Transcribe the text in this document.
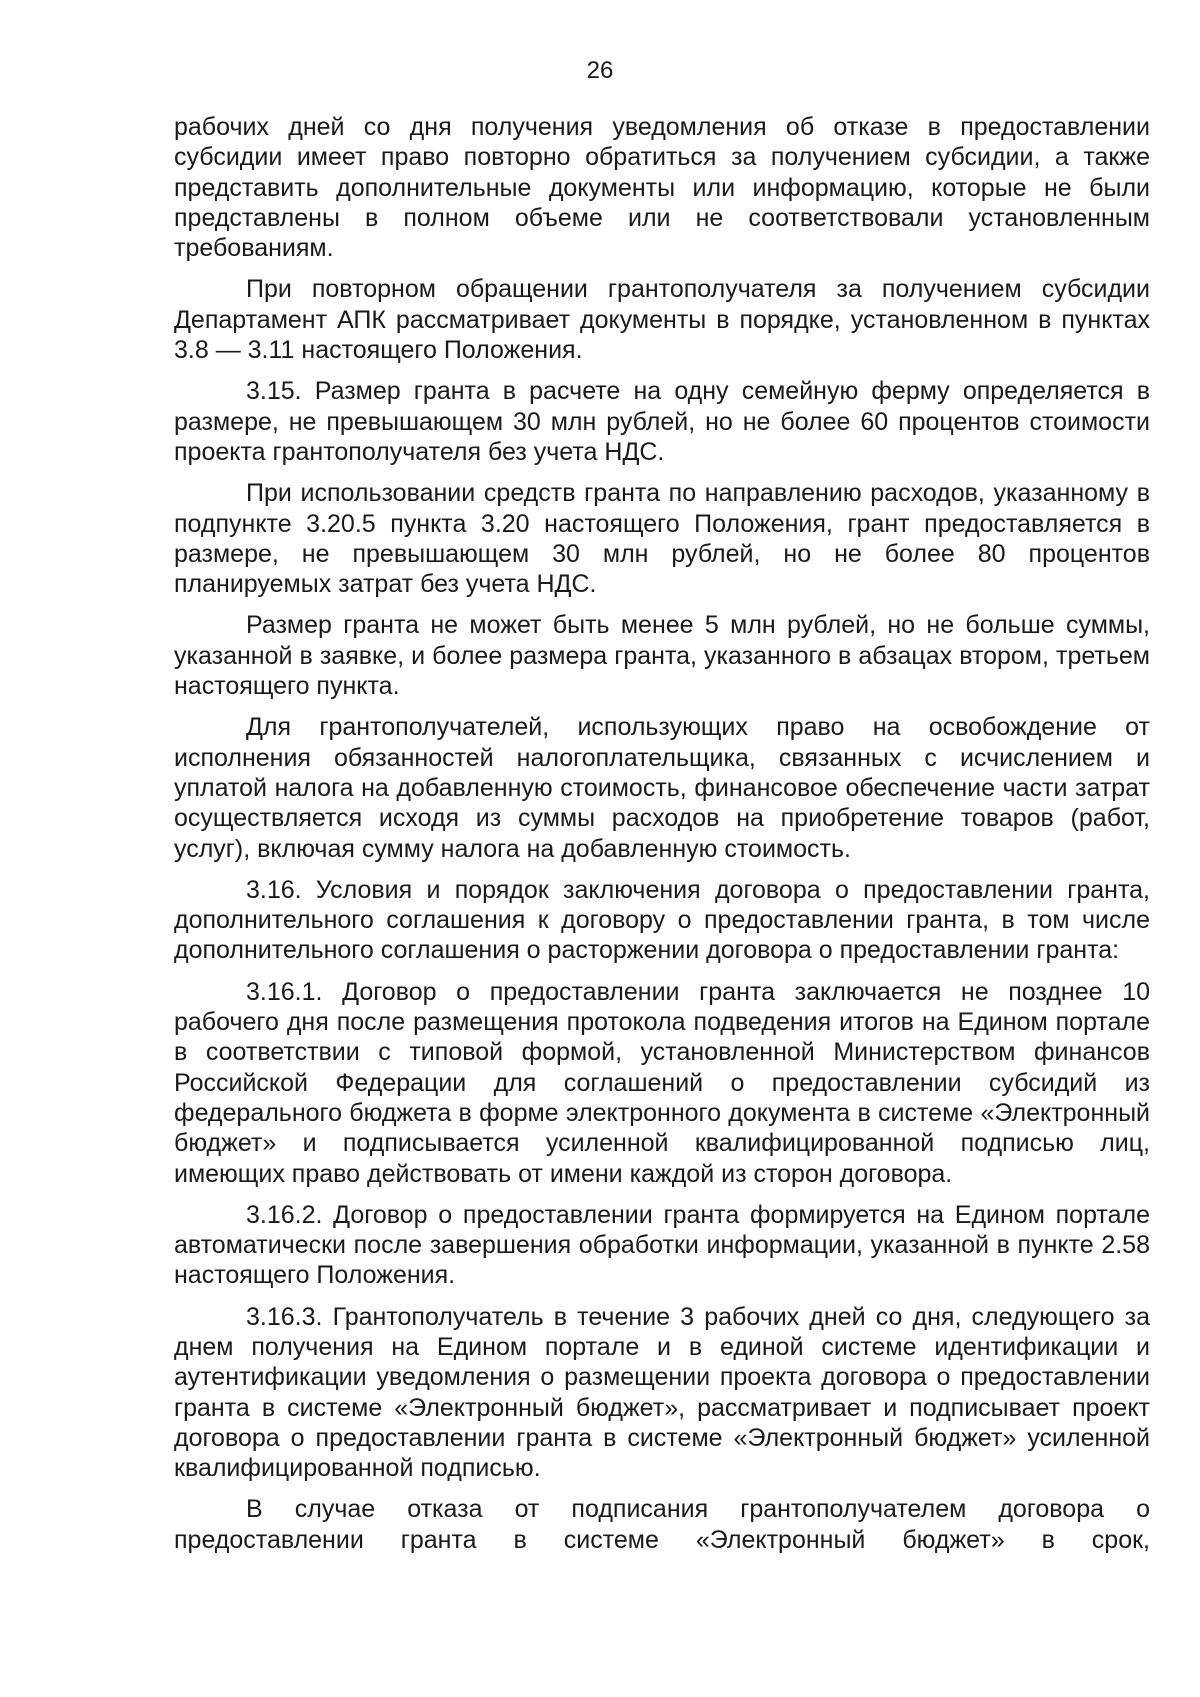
26

рабочих дней со дня получения уведомления об отказе в предоставлении субсидии имеет право повторно обратиться за получением субсидии, а также представить дополнительные документы или информацию, которые не были представлены в полном объеме или не соответствовали установленным требованиям.

При повторном обращении грантополучателя за получением субсидии Департамент АПК рассматривает документы в порядке, установленном в пунктах 3.8 — 3.11 настоящего Положения.

3.15. Размер гранта в расчете на одну семейную ферму определяется в размере, не превышающем 30 млн рублей, но не более 60 процентов стоимости проекта грантополучателя без учета НДС.

При использовании средств гранта по направлению расходов, указанному в подпункте 3.20.5 пункта 3.20 настоящего Положения, грант предоставляется в размере, не превышающем 30 млн рублей, но не более 80 процентов планируемых затрат без учета НДС.

Размер гранта не может быть менее 5 млн рублей, но не больше суммы, указанной в заявке, и более размера гранта, указанного в абзацах втором, третьем настоящего пункта.

Для грантополучателей, использующих право на освобождение от исполнения обязанностей налогоплательщика, связанных с исчислением и уплатой налога на добавленную стоимость, финансовое обеспечение части затрат осуществляется исходя из суммы расходов на приобретение товаров (работ, услуг), включая сумму налога на добавленную стоимость.

3.16. Условия и порядок заключения договора о предоставлении гранта, дополнительного соглашения к договору о предоставлении гранта, в том числе дополнительного соглашения о расторжении договора о предоставлении гранта:

3.16.1. Договор о предоставлении гранта заключается не позднее 10 рабочего дня после размещения протокола подведения итогов на Едином портале в соответствии с типовой формой, установленной Министерством финансов Российской Федерации для соглашений о предоставлении субсидий из федерального бюджета в форме электронного документа в системе «Электронный бюджет» и подписывается усиленной квалифицированной подписью лиц, имеющих право действовать от имени каждой из сторон договора.

3.16.2. Договор о предоставлении гранта формируется на Едином портале автоматически после завершения обработки информации, указанной в пункте 2.58 настоящего Положения.

3.16.3. Грантополучатель в течение 3 рабочих дней со дня, следующего за днем получения на Едином портале и в единой системе идентификации и аутентификации уведомления о размещении проекта договора о предоставлении гранта в системе «Электронный бюджет», рассматривает и подписывает проект договора о предоставлении гранта в системе «Электронный бюджет» усиленной квалифицированной подписью.

В случае отказа от подписания грантополучателем договора о предоставлении гранта в системе «Электронный бюджет» в срок,
